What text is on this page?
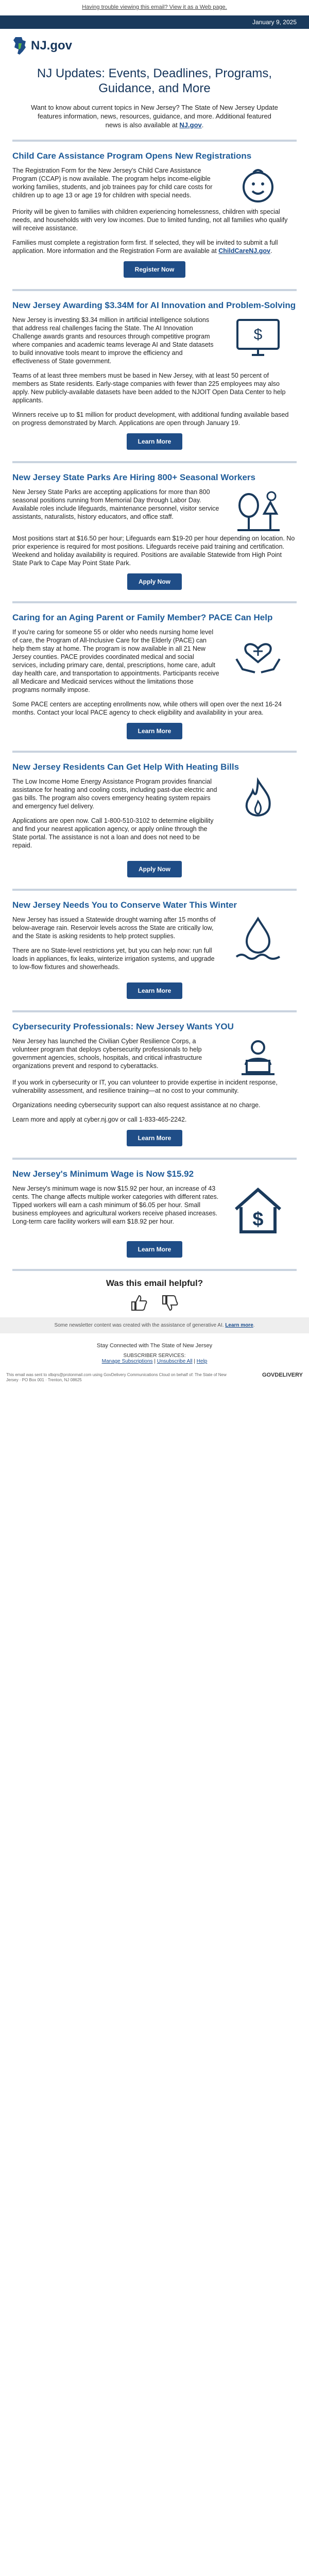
Having trouble viewing this email? View it as a Web page.
January 9, 2025
NJ.gov
NJ Updates: Events, Deadlines, Programs, Guidance, and More

Want to know about current topics in New Jersey? The State of New Jersey Update features information, news, resources, guidance, and more. Additional featured news is also available at NJ.gov.

Child Care Assistance Program Opens New Registrations

The Registration Form for the New Jersey's Child Care Assistance Program (CCAP) is now available. The program helps income-eligible working families, students, and job trainees pay for child care costs for children up to age 13 or age 19 for children with special needs.

Priority will be given to families with children experiencing homelessness, children with special needs, and households with very low incomes. Due to limited funding, not all families who qualify will receive assistance.

Families must complete a registration form first. If selected, they will be invited to submit a full application. More information and the Registration Form are available at ChildCareNJ.gov.

Register Now
New Jersey Awarding $3.34M for AI Innovation and Problem-Solving

New Jersey is investing $3.34 million in artificial intelligence solutions that address real challenges facing the State. The AI Innovation Challenge awards grants and resources through competitive program where companies and academic teams leverage AI and State datasets to build innovative tools meant to improve the efficiency and effectiveness of State government.

$

Teams of at least three members must be based in New Jersey, with at least 50 percent of members as State residents. Early-stage companies with fewer than 225 employees may also apply. New publicly-available datasets have been added to the NJOIT Open Data Center to help applicants.

Winners receive up to $1 million for product development, with additional funding available based on progress demonstrated by March. Applications are open through January 19.

Learn More
New Jersey State Parks Are Hiring 800+ Seasonal Workers

New Jersey State Parks are accepting applications for more than 800 seasonal positions running from Memorial Day through Labor Day. Available roles include lifeguards, maintenance personnel, visitor service assistants, naturalists, history educators, and office staff.

Most positions start at $16.50 per hour; Lifeguards earn $19-20 per hour depending on location. No prior experience is required for most positions. Lifeguards receive paid training and certification. Weekend and holiday availability is required. Positions are available Statewide from High Point State Park to Cape May Point State Park.

Apply Now
Caring for an Aging Parent or Family Member? PACE Can Help

If you're caring for someone 55 or older who needs nursing home level of care, the Program of All-Inclusive Care for the Elderly (PACE) can help them stay at home. The program is now available in all 21 New Jersey counties. PACE provides coordinated medical and social services, including primary care, dental, prescriptions, home care, adult day health care, and transportation to appointments. Participants receive all Medicare and Medicaid services without the limitations those programs normally impose.

Some PACE centers are accepting enrollments now, while others will open over the next 16-24 months. Contact your local PACE agency to check eligibility and availability in your area.

Learn More
New Jersey Residents Can Get Help With Heating Bills

The Low Income Home Energy Assistance Program provides financial assistance for heating and cooling costs, including past-due electric and gas bills. The program also covers emergency heating system repairs and emergency fuel delivery.

Applications are open now. Call 1-800-510-3102 to determine eligibility and find your nearest application agency, or apply online through the State portal. The assistance is not a loan and does not need to be repaid.

Apply Now
New Jersey Needs You to Conserve Water This Winter

New Jersey has issued a Statewide drought warning after 15 months of below-average rain. Reservoir levels across the State are critically low, and the State is asking residents to help protect supplies.

There are no State-level restrictions yet, but you can help now: run full loads in appliances, fix leaks, winterize irrigation systems, and upgrade to low-flow fixtures and showerheads.

Learn More
Cybersecurity Professionals: New Jersey Wants YOU

New Jersey has launched the Civilian Cyber Resilience Corps, a volunteer program that deploys cybersecurity professionals to help government agencies, schools, hospitals, and critical infrastructure organizations prevent and respond to cyberattacks.

If you work in cybersecurity or IT, you can volunteer to provide expertise in incident response, vulnerability assessment, and resilience training—at no cost to your community.

Organizations needing cybersecurity support can also request assistance at no charge.

Learn more and apply at cyber.nj.gov or call 1-833-465-2242.

Learn More
New Jersey's Minimum Wage is Now $15.92

New Jersey's minimum wage is now $15.92 per hour, an increase of 43 cents. The change affects multiple worker categories with different rates. Tipped workers will earn a cash minimum of $6.05 per hour. Small business employees and agricultural workers receive phased increases. Long-term care facility workers will earn $18.92 per hour.	$
Learn More
Was this email helpful?
Some newsletter content was created with the assistance of generative AI. Learn more.
Stay Connected with The State of New Jersey
SUBSCRIBER SERVICES:
Manage Subscriptions | Unsubscribe All | Help
This email was sent to xlbqrs@protonmail.com using GovDelivery Communications Cloud on behalf of: The State of New Jersey · PO Box 001 · Trenton, NJ 08625
GOVDELIVERY
